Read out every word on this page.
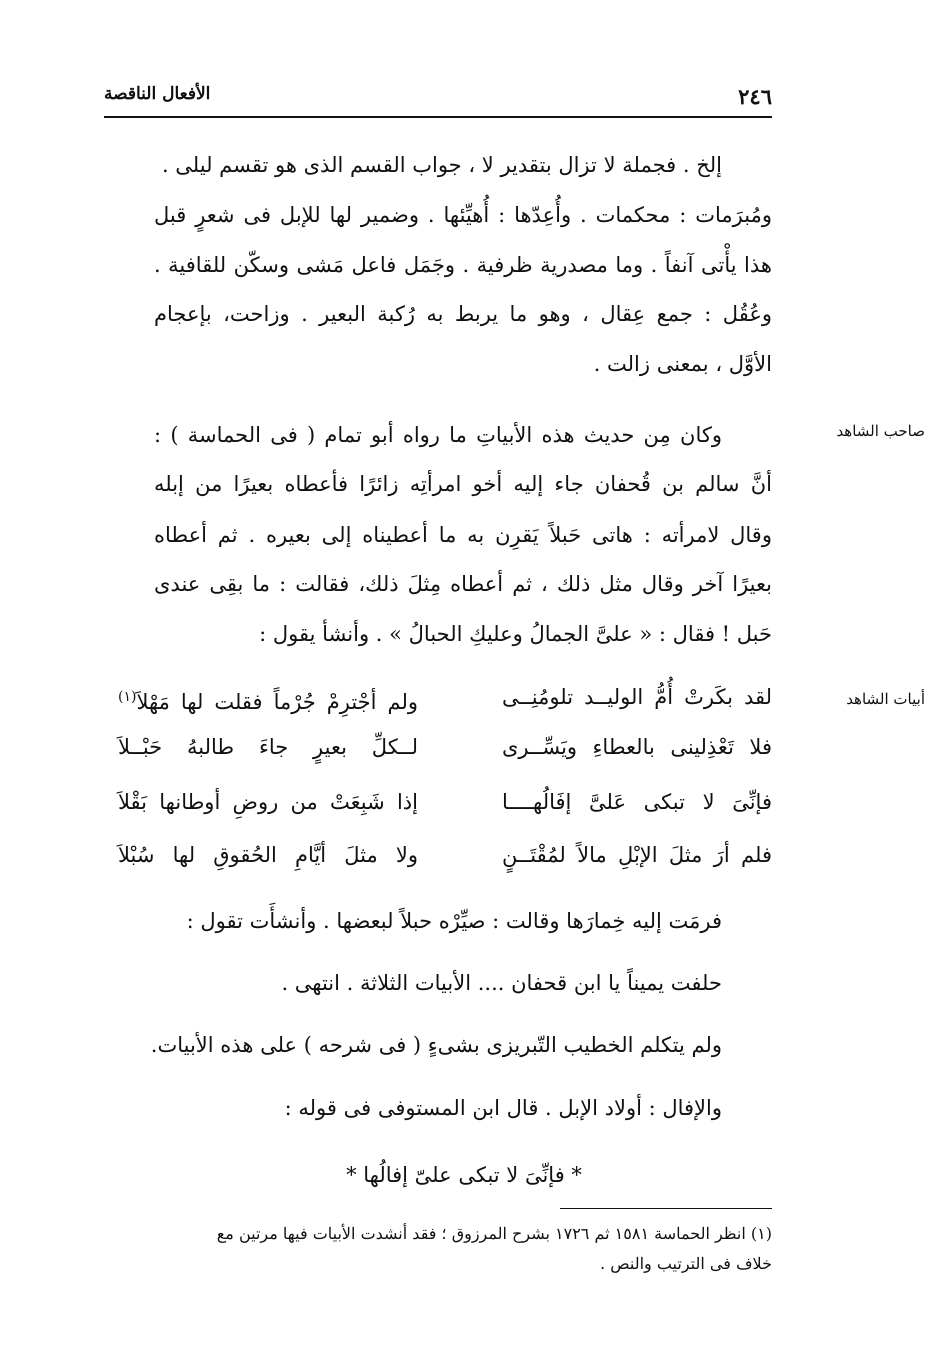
٢٤٦
الأفعال الناقصة
إلخ . فجملة لا تزال بتقدير لا ، جواب القسم الذى هو تقسم ليلى .
ومُبرَمات : محكمات . وأُعِدّها : أُهيِّئها . وضمير لها للإبل فى شعرٍ قبل
هذا يأْتى آنفاً . وما مصدرية ظرفية . وجَمَل فاعل مَشى وسكّن للقافية .
وعُقُل : جمع عِقال ، وهو ما يربط به رُكبة البعير . وزاحت، بإعجام
الأوَّل ، بمعنى زالت .
صاحب الشاهد
وكان مِن حديث هذه الأبياتِ ما رواه أبو تمام ( فى الحماسة ) :
أنَّ سالم بن قُحفان جاء إليه أخو امرأتِه زائرًا فأعطاه بعيرًا من إبله
وقال لامرأته : هاتى حَبلاً يَقرِن به ما أعطيناه إلى بعيره . ثم أعطاه
بعيرًا آخر وقال مثل ذلك ، ثم أعطاه مِثلَ ذلك، فقالت : ما بقِى عندى
حَبل ! فقال : « علىَّ الجمالُ وعليكِ الحبالُ » . وأنشأ يقول :
أبيات الشاهد
لقد بكَرتْ أُمُّ الوليــد تلومُنِــى
ولم أجْترِمْ جُرْماً فقلت لها مَهْلاَ$^{(١)}$
فلا تَعْذِلينى بالعطاءِ ويَسِّــرى
لــكلِّ بعيرٍ جاءَ طالبهُ حَبْــلاَ
فإنِّىَ لا تبكى عَلىَّ إفَالُهــــا
إذا شَبِعَتْ من روضِ أوطانها بَقْلاَ
فلم أرَ مثلَ الإبْلِ مالاً لمُقْتَــنٍ
ولا مثلَ أيَّامِ الحُقوقِ لها سُبْلاَ
فرمَت إليه خِمارَها وقالت : صيِّرْه حبلاً لبعضها . وأنشأَت تقول :
حلفت يميناً يا ابن قحفان .... الأبيات الثلاثة . انتهى .
ولم يتكلم الخطيب التّبريزى بشىءٍ ( فى شرحه ) على هذه الأبيات.
والإفال : أولاد الإبل . قال ابن المستوفى فى قوله :
* فإنِّىَ لا تبكى علىّ إفالُها *
(١) انظر الحماسة ١٥٨١ ثم ١٧٢٦ بشرح المرزوق ؛ فقد أنشدت الأبيات فيها مرتين مع
خلاف فى الترتيب والنص .
